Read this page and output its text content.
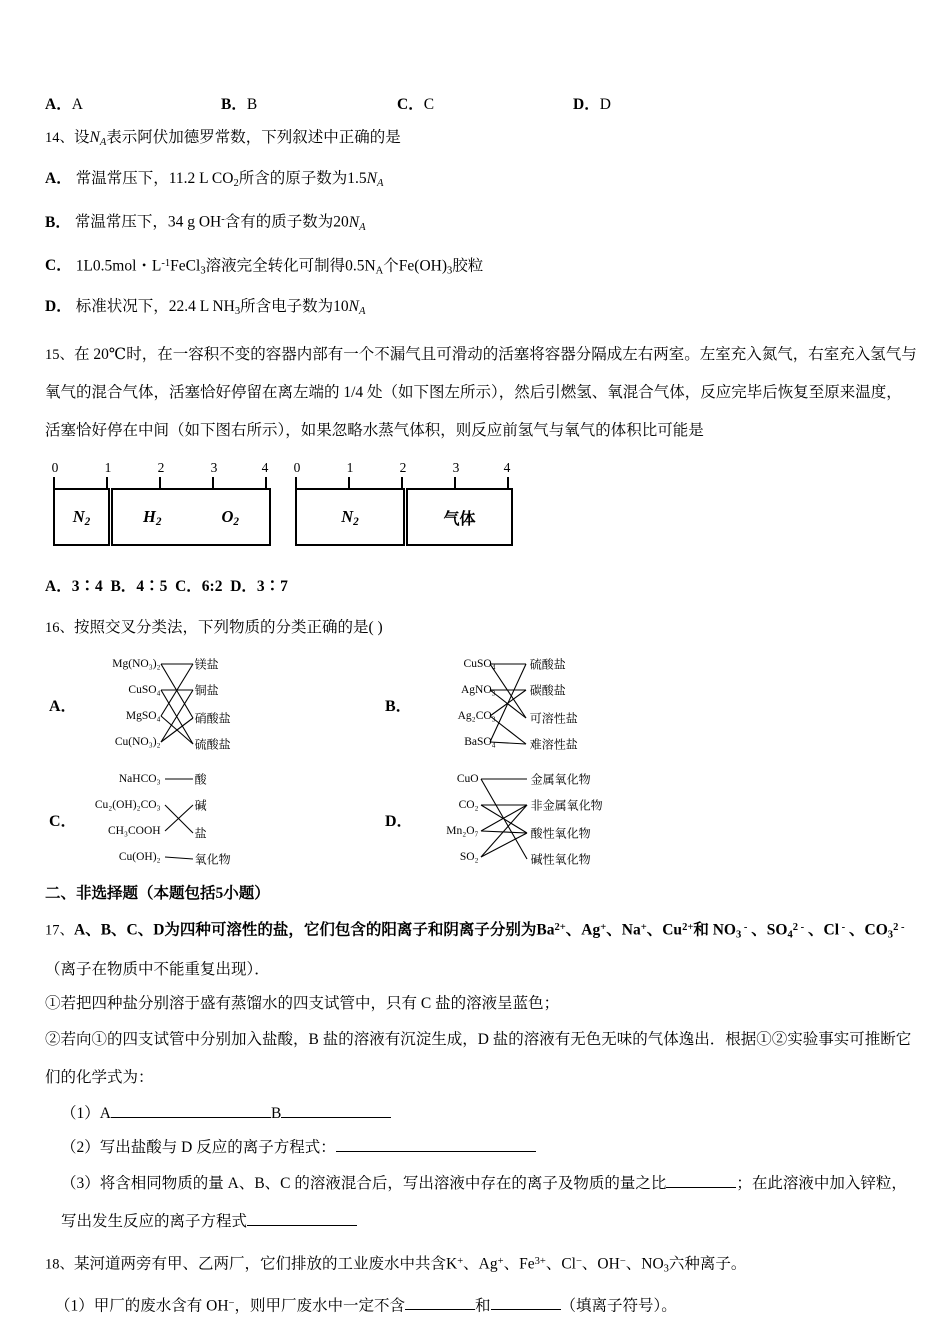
A．A	B．B	C．C	D．D
14、设$N_A$表示阿伏加德罗常数，下列叙述中正确的是
A． 常温常压下，11.2 L $CO_2$所含的原子数为$1.5N_A$
B． 常温常压下，34 g OH-含有的质子数为$20N_A$
C． 1L0.5mol・$L^{-1}FeCl_3$溶液完全转化可制得$0.5N_A$个$Fe(OH)_3$胶粒
D． 标准状况下，22.4 L $NH_3$所含电子数为$10N_A$
15、在 20℃时，在一容积不变的容器内部有一个不漏气且可滑动的活塞将容器分隔成左右两室。左室充入氮气，右室充入氢气与氧气的混合气体，活塞恰好停留在离左端的 1/4 处（如下图左所示），然后引燃氢、氧混合气体，反应完毕后恢复至原来温度，活塞恰好停在中间（如下图右所示），如果忽略水蒸气体积，则反应前氢气与氧气的体积比可能是
0	1	2	3	4
$N_2$	$H_2$	$O_2$
0	1	2	3	4
$N_2$	气体
A．3∶4 B．4∶5 C．6:2 D．3∶7
16、按照交叉分类法，下列物质的分类正确的是( )
A．
Mg(NO₃)₂
CuSO₄
MgSO₄
Cu(NO₃)₂
镁盐
铜盐
硝酸盐
硫酸盐
B．
CuSO₄
AgNO₃
Ag₂CO₃
BaSO₄
硫酸盐
碳酸盐
可溶性盐
难溶性盐
C．
NaHCO₃
Cu₂(OH)₂CO₃
CH₃COOH
Cu(OH)₂
酸
碱
盐
氧化物
D．
CuO
CO₂
Mn₂O₇
SO₂
金属氧化物
非金属氧化物
酸性氧化物
碱性氧化物
二、非选择题（本题包括5小题）
17、A、B、C、D为四种可溶性的盐，它们包含的阳离子和阴离子分别为$Ba^{2+}$、Ag+、Na+、$Cu^{2+}$和 $NO_3$ - 、$SO_4^{2 -}$ 、Cl - 、$CO_3^{2 -}$
（离子在物质中不能重复出现）．
①若把四种盐分别溶于盛有蒸馏水的四支试管中，只有 C 盐的溶液呈蓝色；
②若向①的四支试管中分别加入盐酸，B 盐的溶液有沉淀生成，D 盐的溶液有无色无味的气体逸出．根据①②实验事实可推断它们的化学式为：
（1）A	B
（2）写出盐酸与 D 反应的离子方程式：
（3）将含相同物质的量 A、B、C 的溶液混合后，写出溶液中存在的离子及物质的量之比	；在此溶液中加入锌粒，写出发生反应的离子方程式
18、某河道两旁有甲、乙两厂，它们排放的工业废水中共含K+、Ag+、$Fe^{3+}$、Cl−、OH−、$NO_3$六种离子。
（1）甲厂的废水含有 OH−，则甲厂废水中一定不含	和	（填离子符号）。
